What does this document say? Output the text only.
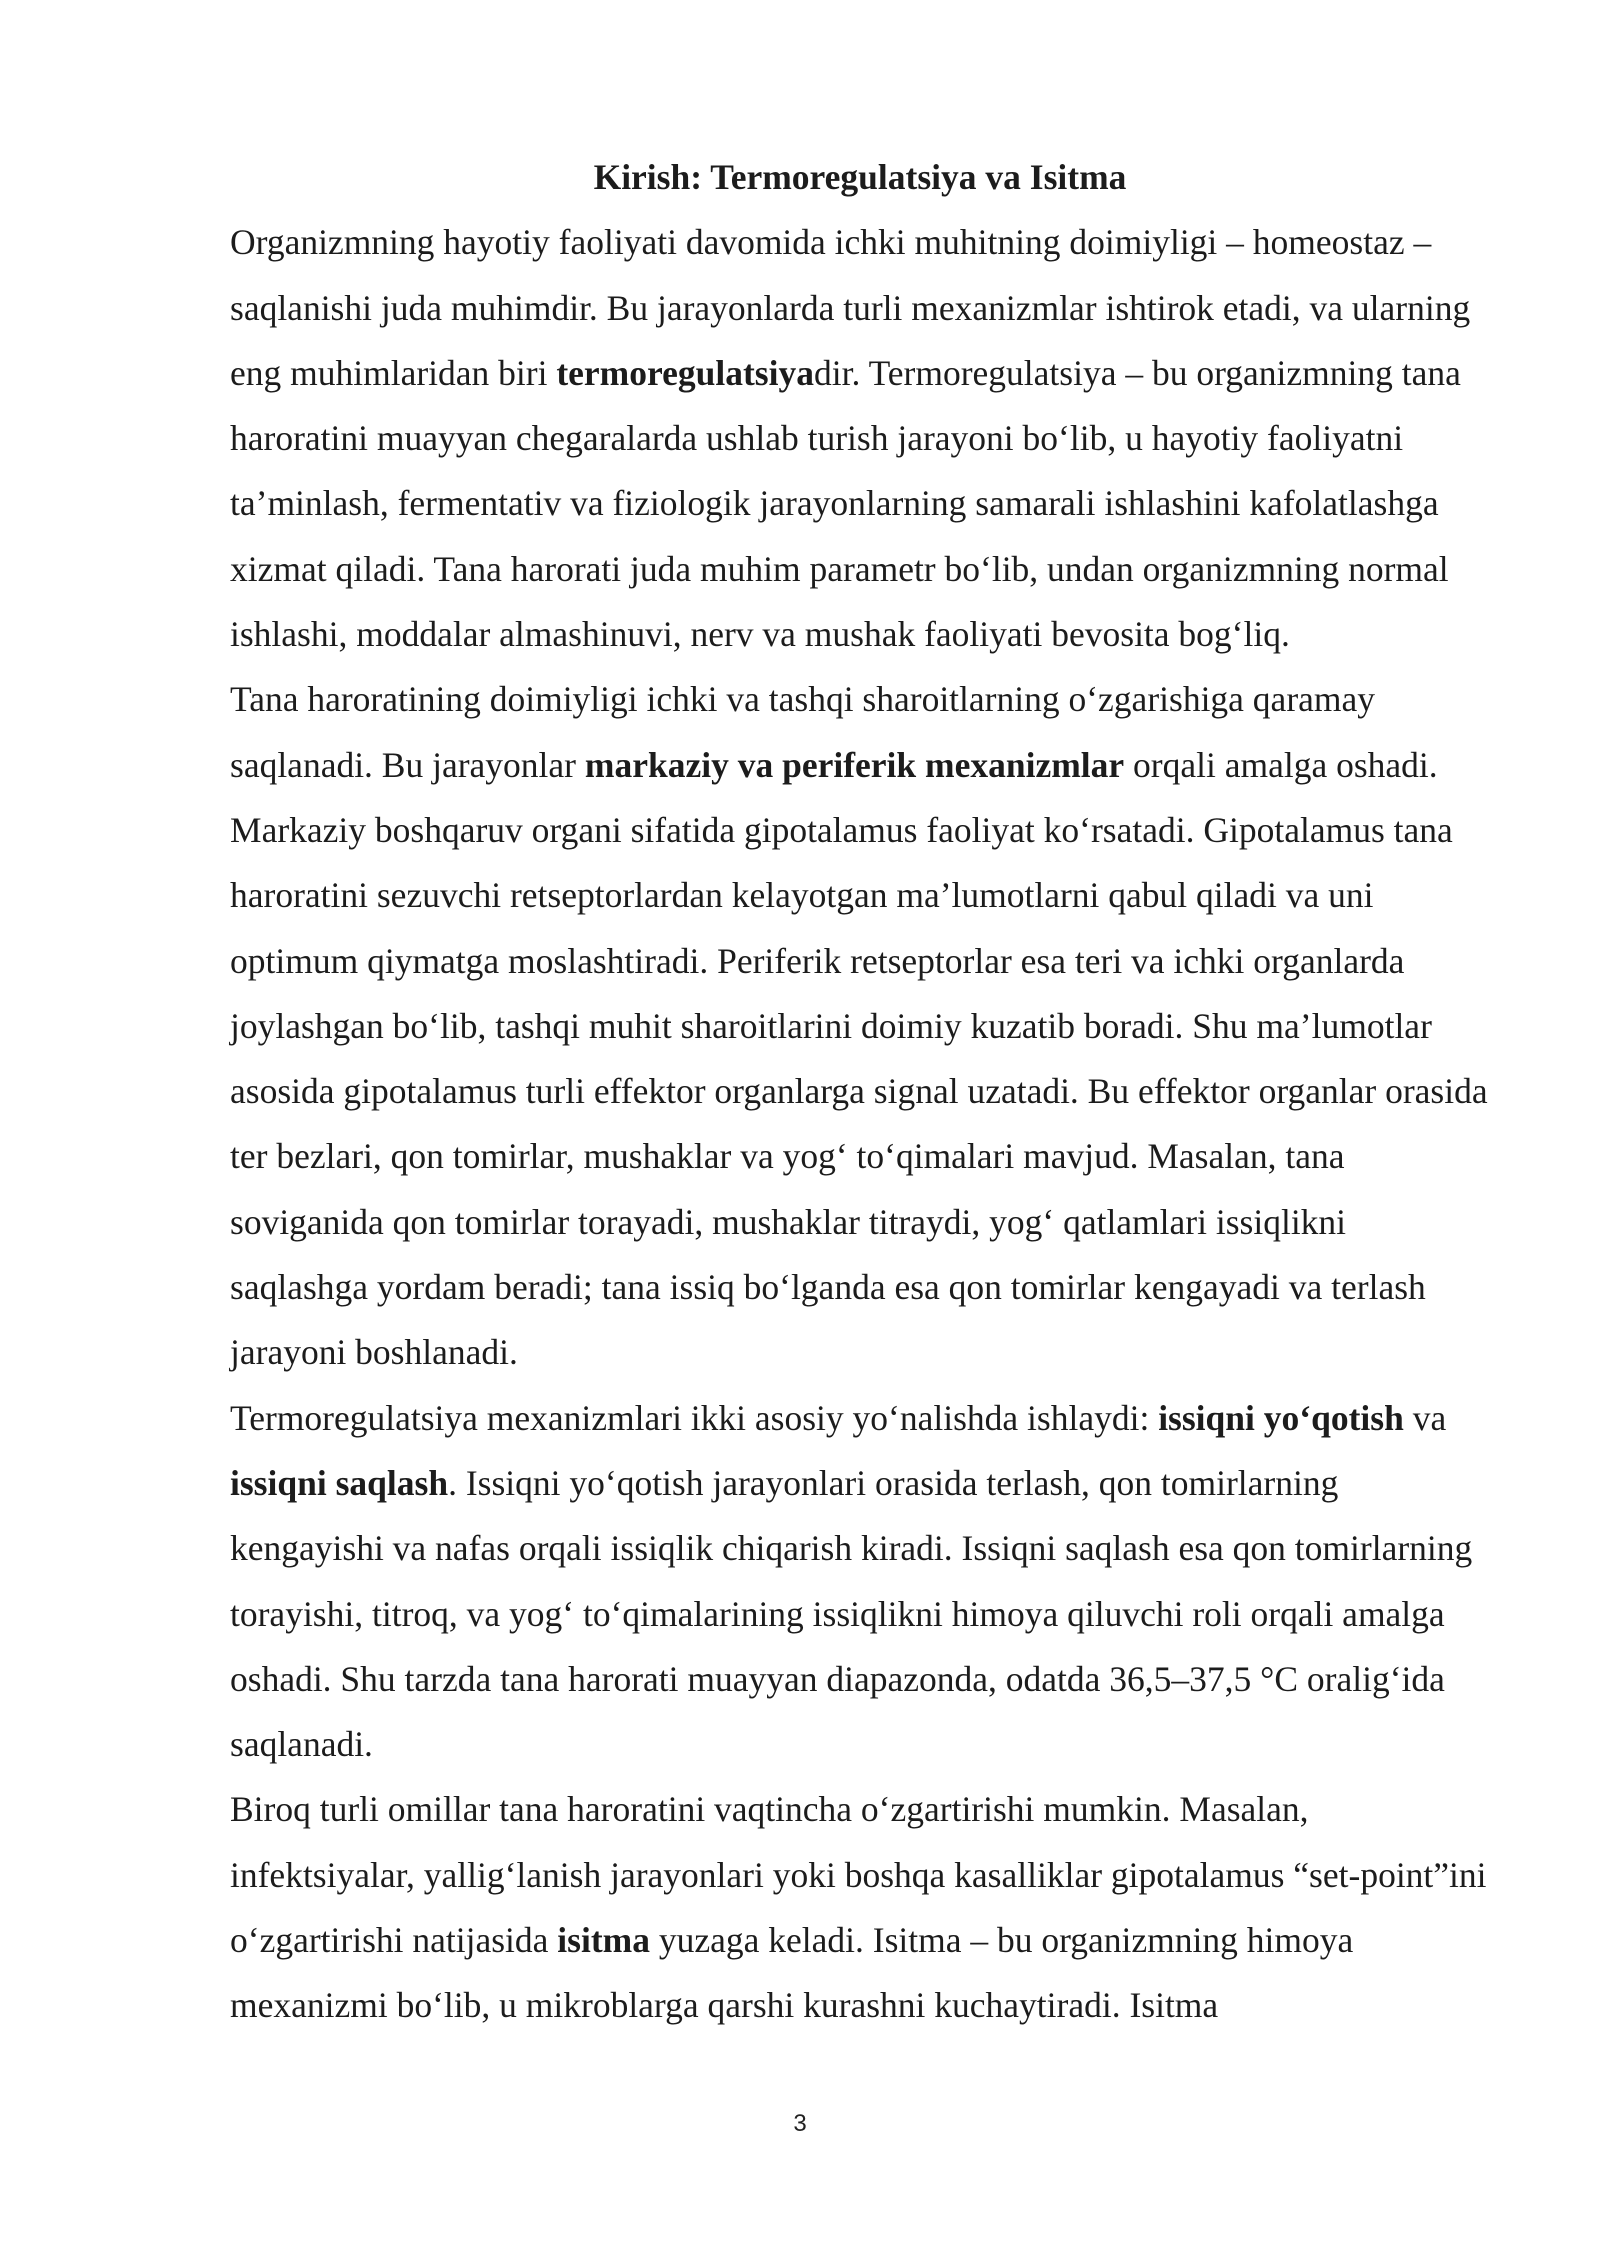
Kirish: Termoregulatsiya va Isitma

Organizmning hayotiy faoliyati davomida ichki muhitning doimiyligi – homeostaz – saqlanishi juda muhimdir. Bu jarayonlarda turli mexanizmlar ishtirok etadi, va ularning eng muhimlaridan biri termoregulatsiyadir. Termoregulatsiya – bu organizmning tana haroratini muayyan chegaralarda ushlab turish jarayoni bo‘lib, u hayotiy faoliyatni ta’minlash, fermentativ va fiziologik jarayonlarning samarali ishlashini kafolatlashga xizmat qiladi. Tana harorati juda muhim parametr bo‘lib, undan organizmning normal ishlashi, moddalar almashinuvi, nerv va mushak faoliyati bevosita bog‘liq.

Tana haroratining doimiyligi ichki va tashqi sharoitlarning o‘zgarishiga qaramay saqlanadi. Bu jarayonlar markaziy va periferik mexanizmlar orqali amalga oshadi. Markaziy boshqaruv organi sifatida gipotalamus faoliyat ko‘rsatadi. Gipotalamus tana haroratini sezuvchi retseptorlardan kelayotgan ma’lumotlarni qabul qiladi va uni optimum qiymatga moslashtiradi. Periferik retseptorlar esa teri va ichki organlarda joylashgan bo‘lib, tashqi muhit sharoitlarini doimiy kuzatib boradi. Shu ma’lumotlar asosida gipotalamus turli effektor organlarga signal uzatadi. Bu effektor organlar orasida ter bezlari, qon tomirlar, mushaklar va yog‘ to‘qimalari mavjud. Masalan, tana soviganida qon tomirlar torayadi, mushaklar titraydi, yog‘ qatlamlari issiqlikni saqlashga yordam beradi; tana issiq bo‘lganda esa qon tomirlar kengayadi va terlash jarayoni boshlanadi.

Termoregulatsiya mexanizmlari ikki asosiy yo‘nalishda ishlaydi: issiqni yo‘qotish va issiqni saqlash. Issiqni yo‘qotish jarayonlari orasida terlash, qon tomirlarning kengayishi va nafas orqali issiqlik chiqarish kiradi. Issiqni saqlash esa qon tomirlarning torayishi, titroq, va yog‘ to‘qimalarining issiqlikni himoya qiluvchi roli orqali amalga oshadi. Shu tarzda tana harorati muayyan diapazonda, odatda 36,5–37,5 °C oralig‘ida saqlanadi.

Biroq turli omillar tana haroratini vaqtincha o‘zgartirishi mumkin. Masalan, infektsiyalar, yallig‘lanish jarayonlari yoki boshqa kasalliklar gipotalamus “set-point”ini o‘zgartirishi natijasida isitma yuzaga keladi. Isitma – bu organizmning himoya mexanizmi bo‘lib, u mikroblarga qarshi kurashni kuchaytiradi. Isitma

3
